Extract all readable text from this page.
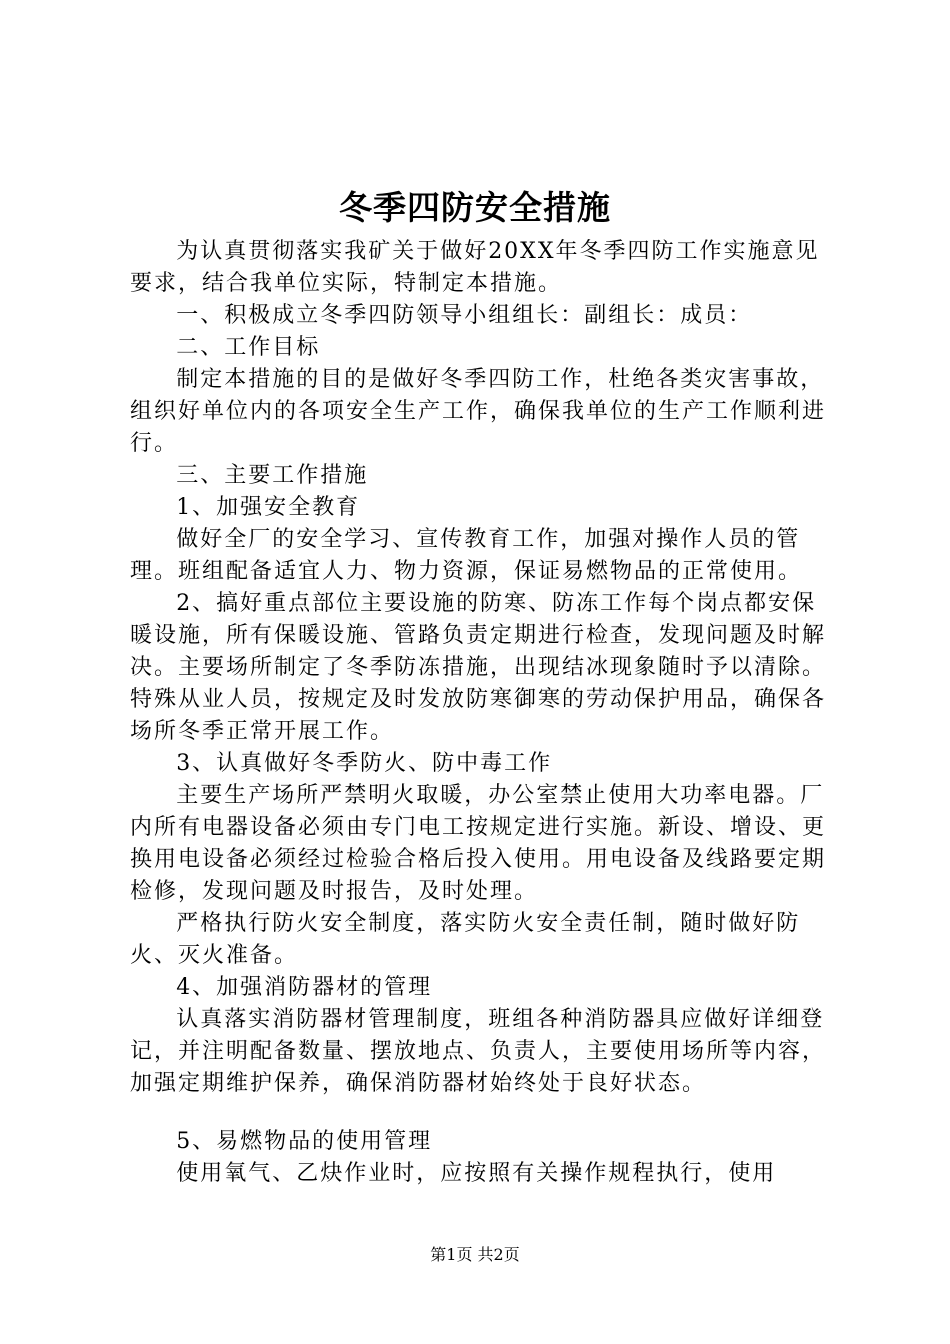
冬季四防安全措施

为认真贯彻落实我矿关于做好20XX年冬季四防工作实施意见要求，结合我单位实际，特制定本措施。

一、积极成立冬季四防领导小组组长：副组长：成员：

二、工作目标

制定本措施的目的是做好冬季四防工作，杜绝各类灾害事故，组织好单位内的各项安全生产工作，确保我单位的生产工作顺利进行。

三、主要工作措施

1、加强安全教育

做好全厂的安全学习、宣传教育工作，加强对操作人员的管理。班组配备适宜人力、物力资源，保证易燃物品的正常使用。

2、搞好重点部位主要设施的防寒、防冻工作每个岗点都安保暖设施，所有保暖设施、管路负责定期进行检查，发现问题及时解决。主要场所制定了冬季防冻措施，出现结冰现象随时予以清除。特殊从业人员，按规定及时发放防寒御寒的劳动保护用品，确保各场所冬季正常开展工作。

3、认真做好冬季防火、防中毒工作

主要生产场所严禁明火取暖，办公室禁止使用大功率电器。厂内所有电器设备必须由专门电工按规定进行实施。新设、增设、更换用电设备必须经过检验合格后投入使用。用电设备及线路要定期检修，发现问题及时报告，及时处理。

严格执行防火安全制度，落实防火安全责任制，随时做好防火、灭火准备。

4、加强消防器材的管理

认真落实消防器材管理制度，班组各种消防器具应做好详细登记，并注明配备数量、摆放地点、负责人，主要使用场所等内容，加强定期维护保养，确保消防器材始终处于良好状态。

5、易燃物品的使用管理

使用氧气、乙炔作业时，应按照有关操作规程执行，使用

第1页 共2页
